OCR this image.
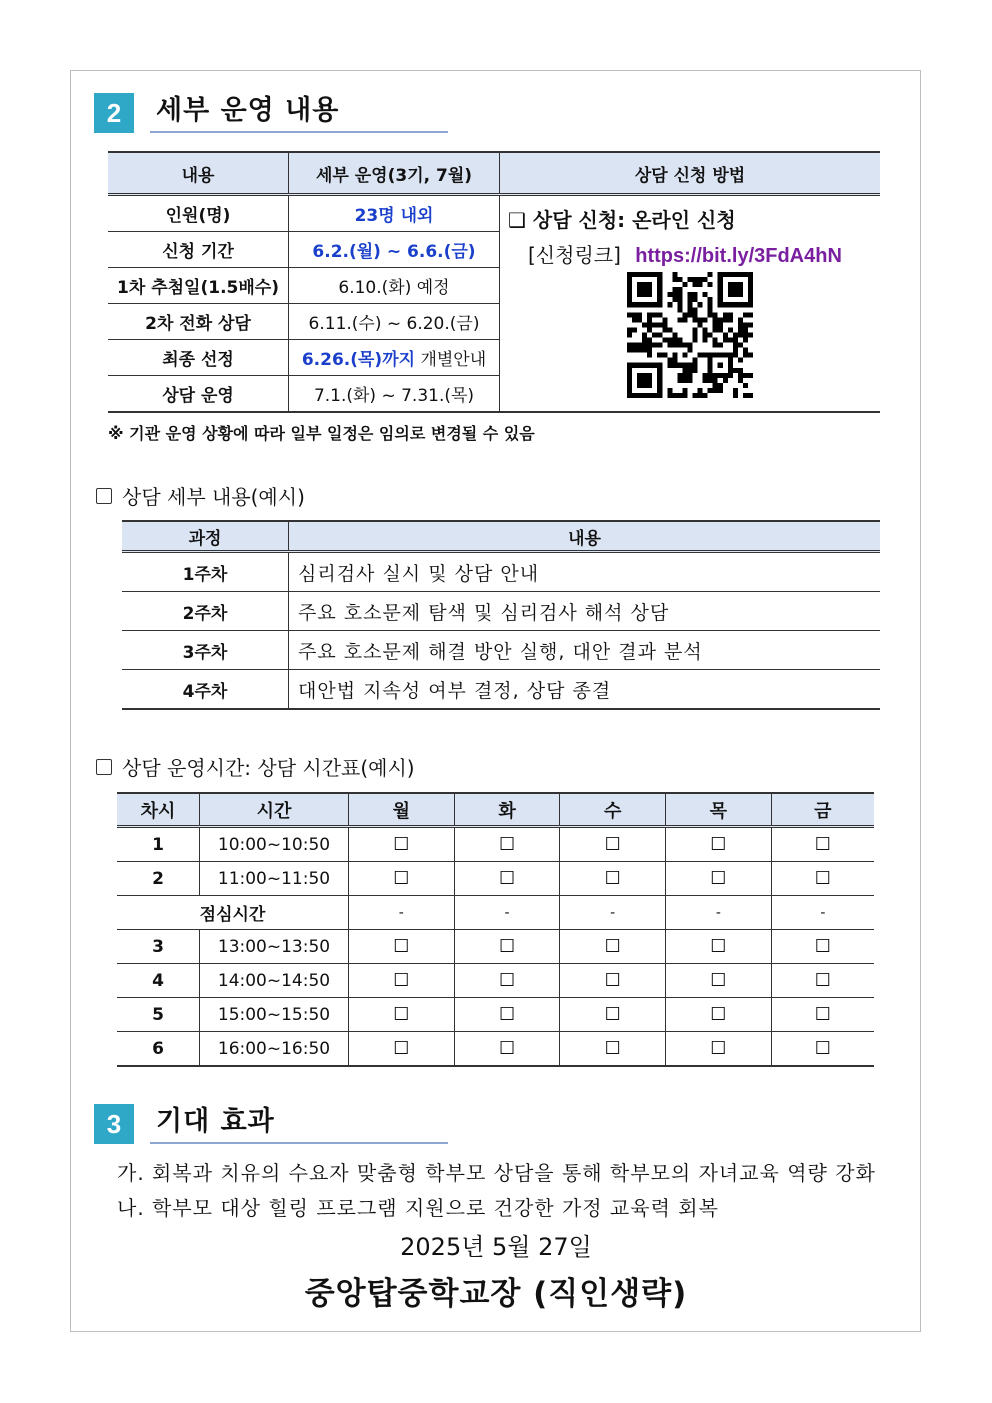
2	세부 운영 내용
내용	세부 운영(3기, 7월)	상담 신청 방법
인원(명)	23명 내외	❑ 상담 신청: 온라인 신청
[신청링크] https://bit.ly/3FdA4hN

신청 기간	6.2.(월) ~ 6.6.(금)	
1차 추첨일(1.5배수)	6.10.(화) 예정	
2차 전화 상담	6.11.(수) ~ 6.20.(금)	
최종 선정	6.26.(목)까지 개별안내	
상담 운영	7.1.(화) ~ 7.31.(목)	
※ 기관 운영 상황에 따라 일부 일정은 임의로 변경될 수 있음
상담 세부 내용(예시)
과정	내용
1주차	심리검사 실시 및 상담 안내
2주차	주요 호소문제 탐색 및 심리검사 해석 상담
3주차	주요 호소문제 해결 방안 실행, 대안 결과 분석
4주차	대안법 지속성 여부 결정, 상담 종결
상담 운영시간: 상담 시간표(예시)
차시	시간	월	화	수	목	금
1	10:00~10:50	☐	☐	☐	☐	☐
2	11:00~11:50	☐	☐	☐	☐	☐
점심시간		-	-	-	-	-
3	13:00~13:50	☐	☐	☐	☐	☐
4	14:00~14:50	☐	☐	☐	☐	☐
5	15:00~15:50	☐	☐	☐	☐	☐
6	16:00~16:50	☐	☐	☐	☐	☐
3	기대 효과
가. 회복과 치유의 수요자 맞춤형 학부모 상담을 통해 학부모의 자녀교육 역량 강화
나. 학부모 대상 힐링 프로그램 지원으로 건강한 가정 교육력 회복
2025년 5월 27일
중앙탑중학교장 (직인생략)
